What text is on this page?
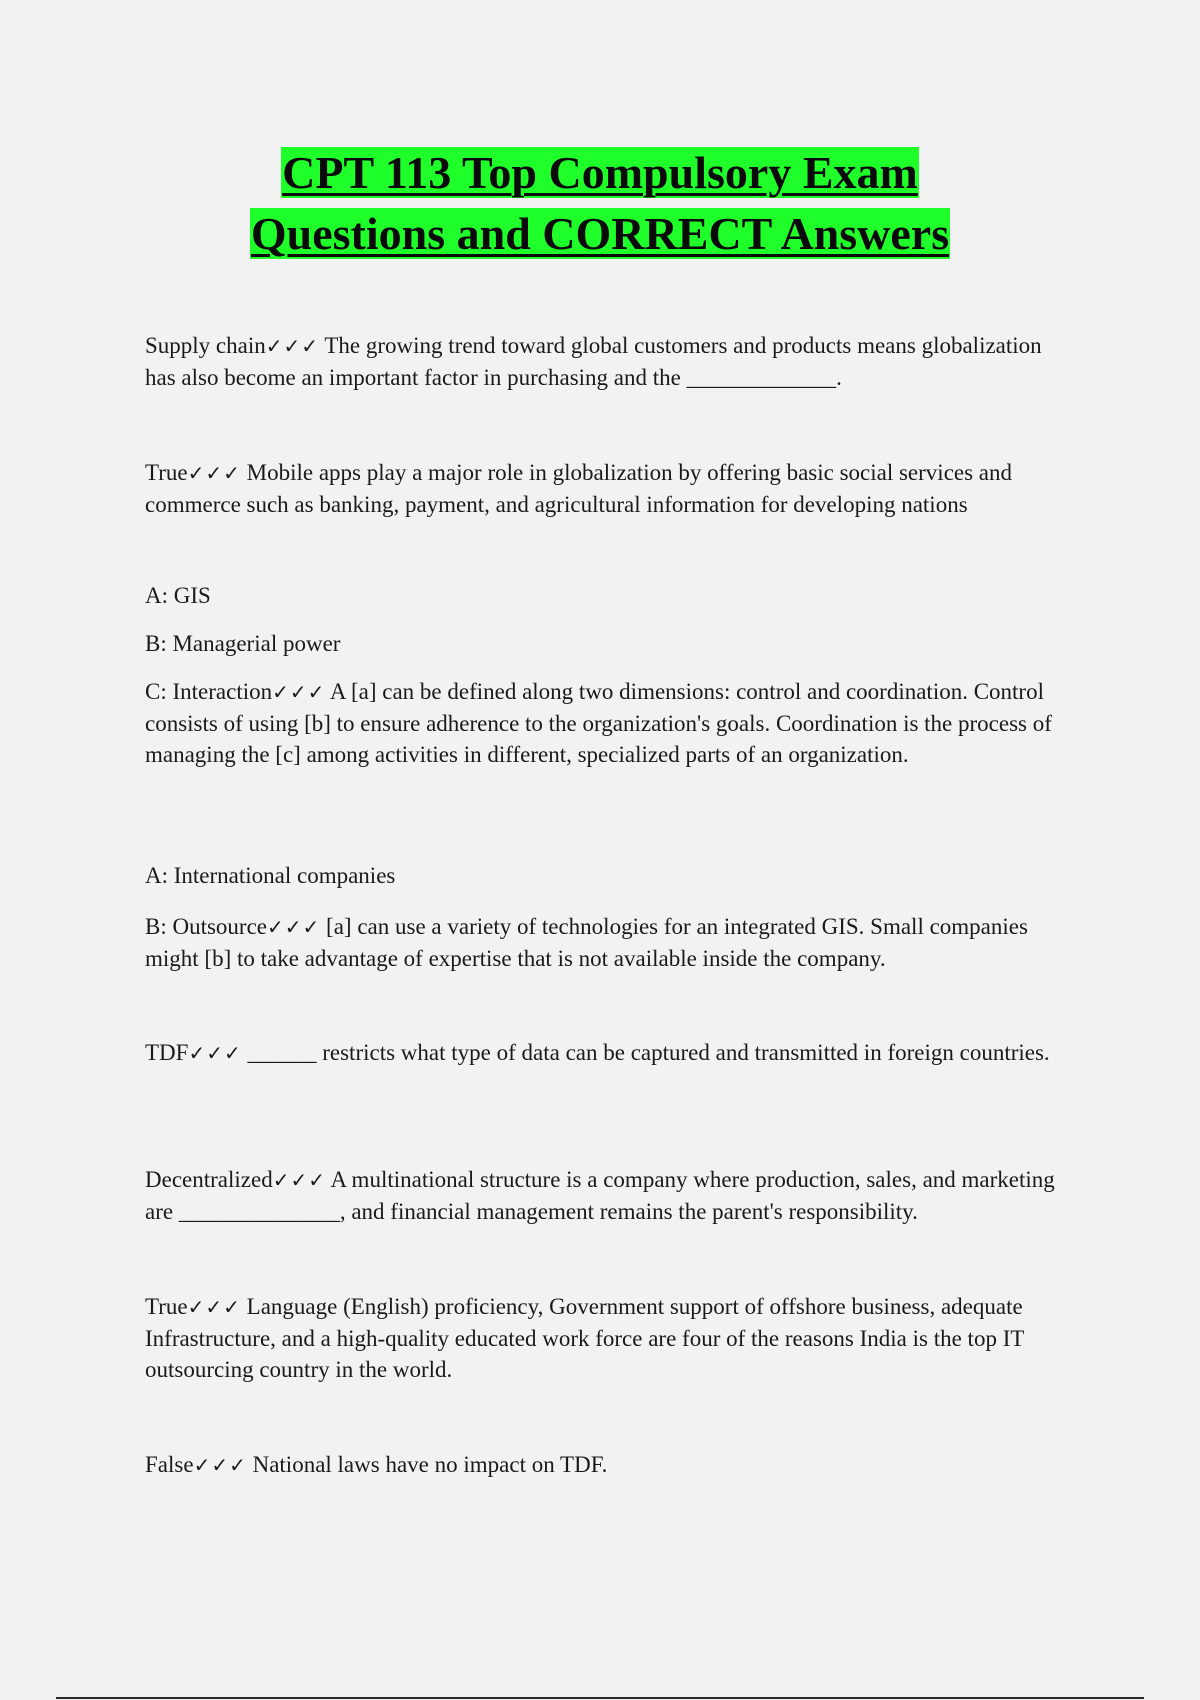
CPT 113 Top Compulsory Exam
Questions and CORRECT Answers

Supply chain✓✓✓ The growing trend toward global customers and products means globalization has also become an important factor in purchasing and the _____________.

True✓✓✓ Mobile apps play a major role in globalization by offering basic social services and commerce such as banking, payment, and agricultural information for developing nations

A: GIS

B: Managerial power

C: Interaction✓✓✓ A [a] can be defined along two dimensions: control and coordination. Control consists of using [b] to ensure adherence to the organization's goals. Coordination is the process of managing the [c] among activities in different, specialized parts of an organization.

A: International companies

B: Outsource✓✓✓ [a] can use a variety of technologies for an integrated GIS. Small companies might [b] to take advantage of expertise that is not available inside the company.

TDF✓✓✓ ______ restricts what type of data can be captured and transmitted in foreign countries.

Decentralized✓✓✓ A multinational structure is a company where production, sales, and marketing are ______________, and financial management remains the parent's responsibility.

True✓✓✓ Language (English) proficiency, Government support of offshore business, adequate Infrastructure, and a high-quality educated work force are four of the reasons India is the top IT outsourcing country in the world.

False✓✓✓ National laws have no impact on TDF.
